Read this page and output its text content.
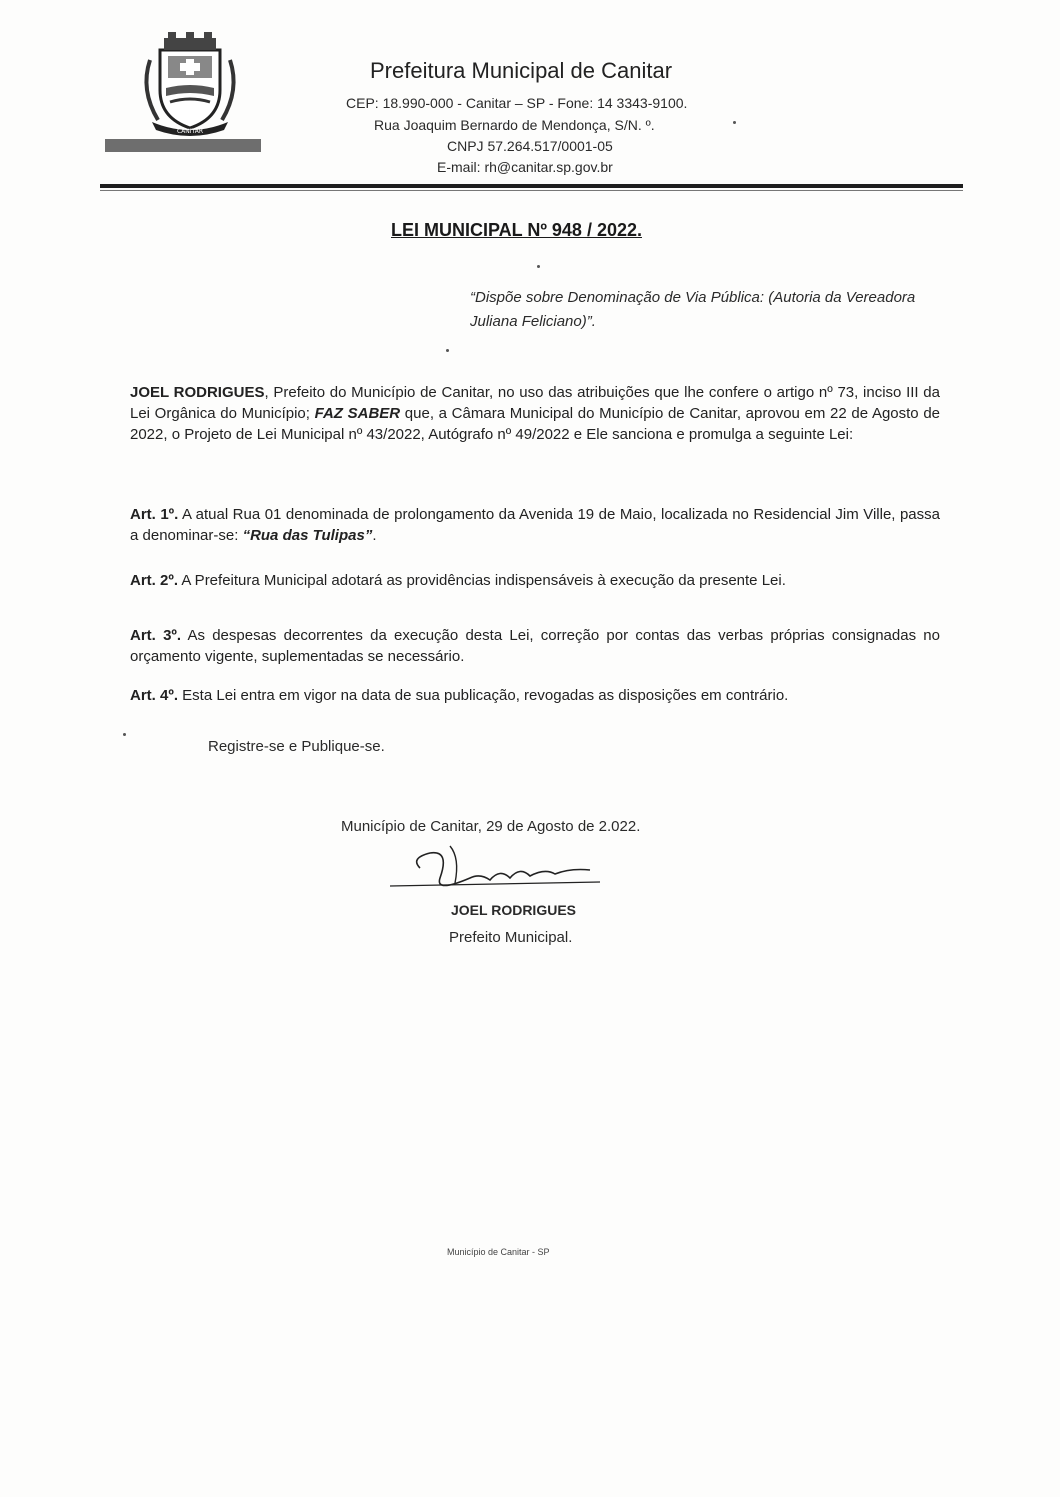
CANITAR
Prefeitura Municipal de Canitar
CEP: 18.990-000 - Canitar – SP - Fone: 14 3343-9100.
Rua Joaquim Bernardo de Mendonça, S/N. º.
CNPJ 57.264.517/0001-05
E-mail: rh@canitar.sp.gov.br
LEI MUNICIPAL Nº 948 / 2022.
“Dispõe sobre Denominação de Via Pública: (Autoria da Vereadora Juliana Feliciano)”.
JOEL RODRIGUES, Prefeito do Município de Canitar, no uso das atribuições que lhe confere o artigo nº 73, inciso III da Lei Orgânica do Município; FAZ SABER que, a Câmara Municipal do Município de Canitar, aprovou em 22 de Agosto de 2022, o Projeto de Lei Municipal nº 43/2022, Autógrafo nº 49/2022 e Ele sanciona e promulga a seguinte Lei:
Art. 1º. A atual Rua 01 denominada de prolongamento da Avenida 19 de Maio, localizada no Residencial Jim Ville, passa a denominar-se: “Rua das Tulipas”.
Art. 2º. A Prefeitura Municipal adotará as providências indispensáveis à execução da presente Lei.
Art. 3º. As despesas decorrentes da execução desta Lei, correção por contas das verbas próprias consignadas no orçamento vigente, suplementadas se necessário.
Art. 4º. Esta Lei entra em vigor na data de sua publicação, revogadas as disposições em contrário.
Registre-se e Publique-se.
Município de Canitar, 29 de Agosto de 2.022.
JOEL RODRIGUES
Prefeito Municipal.
Município de Canitar - SP
